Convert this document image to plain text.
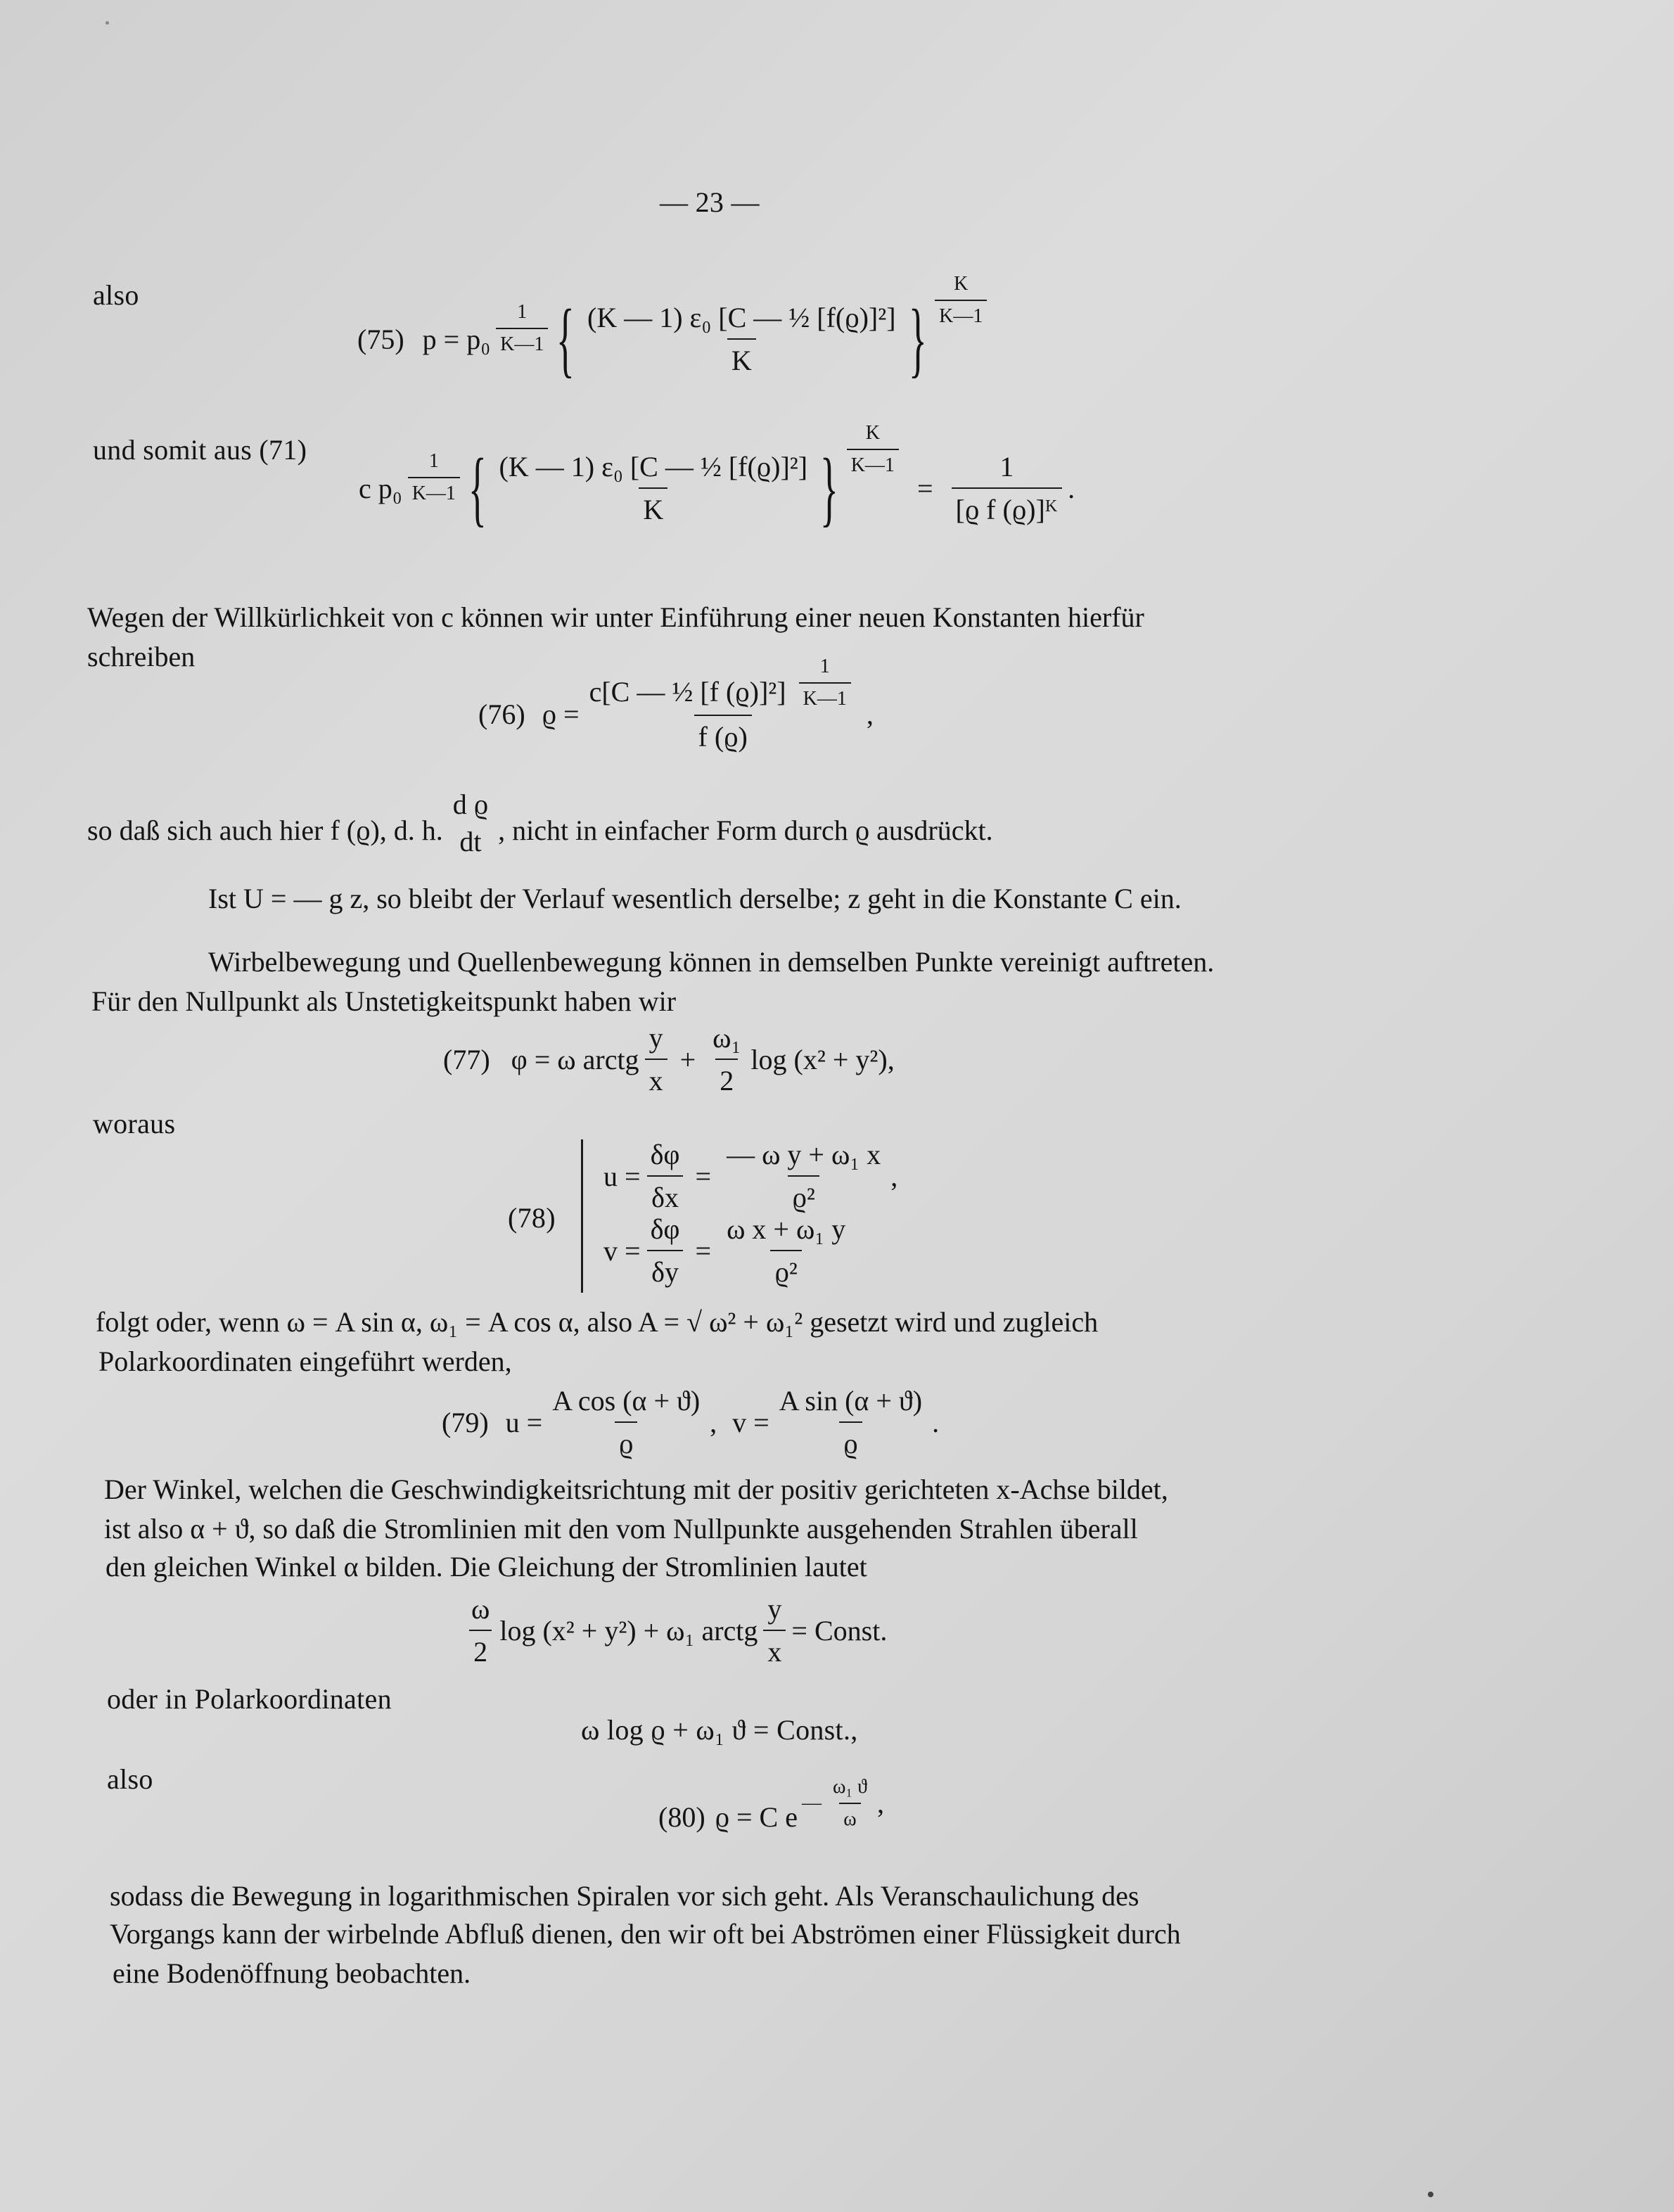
— 23 —
also
(75) $p = p_0 \frac{1}{K—1}$ { $\frac{\text{(K — 1) ε₀ [C — ½ [f(ϱ)]²]}}{K}$ } $\frac{K}{K—1}$
und somit aus (71)
c $p_0 \frac{1}{K—1}$ { $\frac{\text{(K — 1) ε₀ [C — ½ [f(ϱ)]²]}}{K}$ } $\frac{K}{K—1}$
= $\frac{1}{\text{[ϱ f (ϱ)]ᴷ}}$ .
Wegen der Willkürlichkeit von c können wir unter Einführung einer neuen Konstanten hierfür
schreiben
(76) $ϱ = \frac{c[C — \frac{1}{2} [f (ϱ)]^2] \frac{1}{K—1}}{f (ϱ)}$ ,
so daß sich auch hier f (ϱ), d. h.
d ϱ
dt , nicht in einfacher Form durch ϱ ausdrückt.
Ist U = — g z, so bleibt der Verlauf wesentlich derselbe; z geht in die Konstante C ein.
Wirbelbewegung und Quellenbewegung können in demselben Punkte vereinigt auftreten.
Für den Nullpunkt als Unstetigkeitspunkt haben wir
(77) φ = ω arctg $\frac{y}{x} + \frac{\text{ω₁}}{2}$ log (x² + y²),
woraus
(78)
$u = \frac{\delta\varphi}{\delta x} = \frac{\text{— ω y + ω₁ x}}{\text{ϱ²}}$ ,
$v = \frac{\delta\varphi}{\delta y} = \frac{\text{ω x + ω₁ y}}{\text{ϱ²}}$
folgt oder, wenn ω = A sin α, ω₁ = A cos α, also A = √ ω² + ω₁² gesetzt wird und zugleich
Polarkoordinaten eingeführt werden,
(79) $u = \frac{\text{A cos (α + ϑ)}}{ϱ}$ , $v = \frac{\text{A sin (α + ϑ)}}{ϱ}$ .
Der Winkel, welchen die Geschwindigkeitsrichtung mit der positiv gerichteten x-Achse bildet,
ist also α + ϑ, so daß die Stromlinien mit den vom Nullpunkte ausgehenden Strahlen überall
den gleichen Winkel α bilden. Die Gleichung der Stromlinien lautet
$\frac{\omega}{2}$ log (x² + y²) + ω₁ arctg $\frac{y}{x}$ = Const.
oder in Polarkoordinaten
ω log ϱ + ω₁ ϑ = Const.,
also
(80) ϱ = C e — $\frac{\text{ω₁ ϑ}}{\omega}$ ,
sodass die Bewegung in logarithmischen Spiralen vor sich geht. Als Veranschaulichung des
Vorgangs kann der wirbelnde Abfluß dienen, den wir oft bei Abströmen einer Flüssigkeit durch
eine Bodenöffnung beobachten.
